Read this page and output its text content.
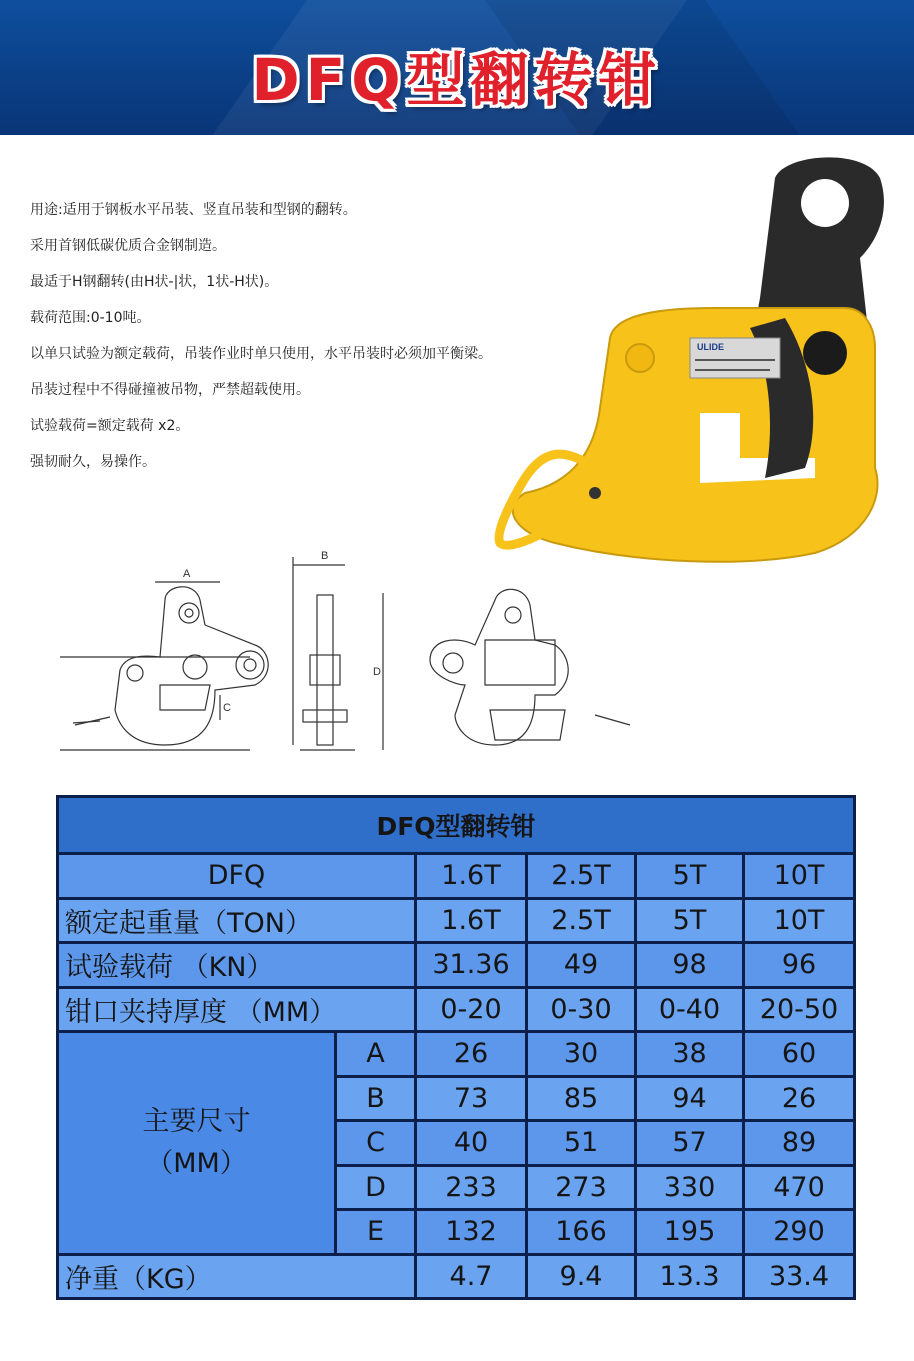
DFQ型翻转钳
用途:适用于钢板水平吊装、竖直吊装和型钢的翻转。
采用首钢低碳优质合金钢制造。
最适于H钢翻转(由H状-|状，1状-H状)。
载荷范围:0-10吨。
以单只试验为额定载荷，吊装作业时单只使用，水平吊装时必须加平衡梁。
吊装过程中不得碰撞被吊物，严禁超载使用。
试验载荷=额定载荷 x2。
强韧耐久，易操作。
ULIDE
A
B
C
D
DFQ型翻转钳					
DFQ		1.6T	2.5T	5T	10T
额定起重量（TON）		1.6T	2.5T	5T	10T
试验载荷 （KN）		31.36	49	98	96
钳口夹持厚度 （MM）		0-20	0-30	0-40	20-50

主要尺寸
（MM）	A	26	30	38	60
	B	73	85	94	26
	C	40	51	57	89
	D	233	273	330	470
	E	132	166	195	290
净重（KG）		4.7	9.4	13.3	33.4
